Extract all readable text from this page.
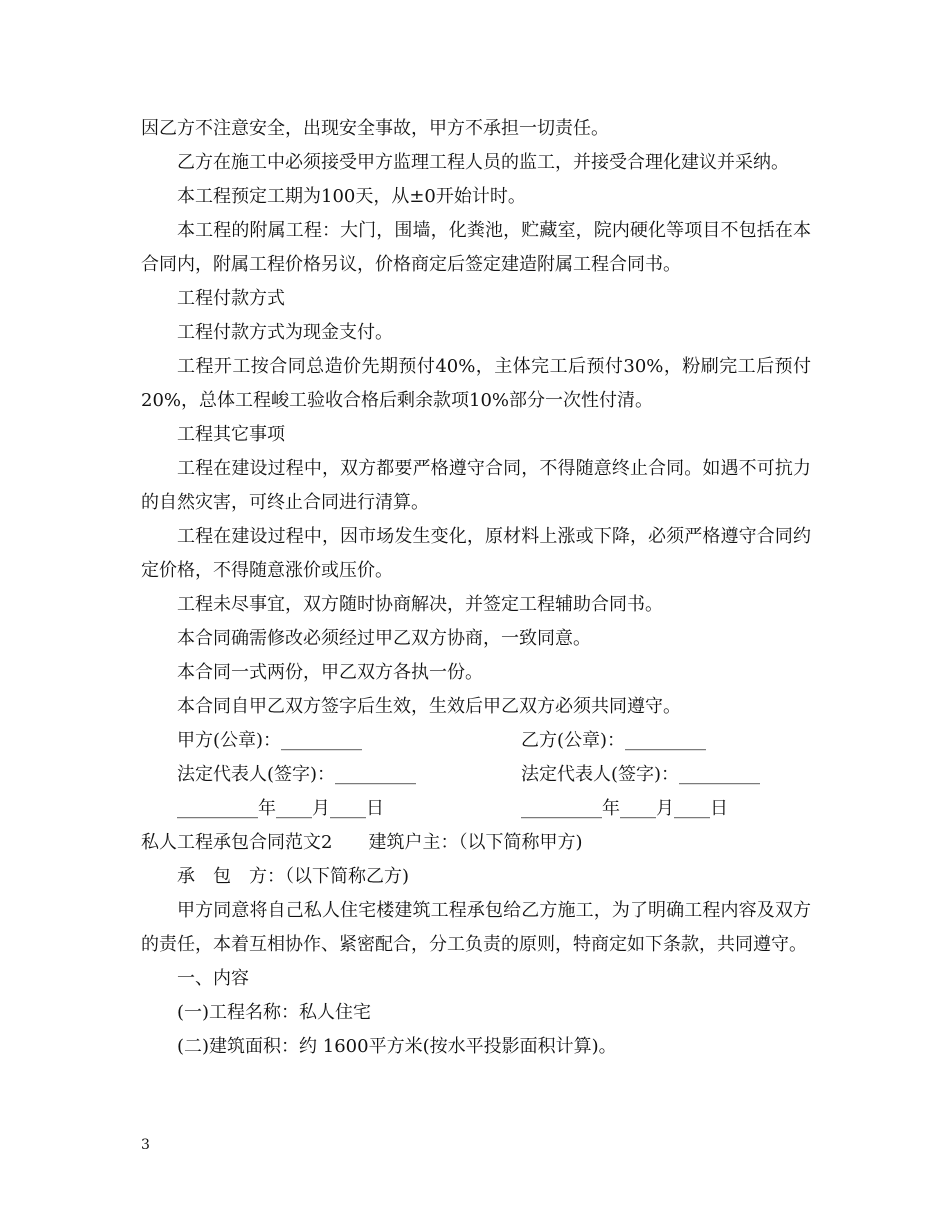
因乙方不注意安全，出现安全事故，甲方不承担一切责任。

乙方在施工中必须接受甲方监理工程人员的监工，并接受合理化建议并采纳。

本工程预定工期为100天，从±0开始计时。

本工程的附属工程：大门，围墙，化粪池，贮藏室，院内硬化等项目不包括在本合同内，附属工程价格另议，价格商定后签定建造附属工程合同书。

工程付款方式

工程付款方式为现金支付。

工程开工按合同总造价先期预付40%，主体完工后预付30%，粉刷完工后预付20%，总体工程峻工验收合格后剩余款项10%部分一次性付清。

工程其它事项

工程在建设过程中，双方都要严格遵守合同，不得随意终止合同。如遇不可抗力的自然灾害，可终止合同进行清算。

工程在建设过程中，因市场发生变化，原材料上涨或下降，必须严格遵守合同约定价格，不得随意涨价或压价。

工程未尽事宜，双方随时协商解决，并签定工程辅助合同书。

本合同确需修改必须经过甲乙双方协商，一致同意。

本合同一式两份，甲乙双方各执一份。

本合同自甲乙双方签字后生效，生效后甲乙双方必须共同遵守。

甲方(公章)：_________	乙方(公章)：_________
法定代表人(签字)：_________	法定代表人(签字)：_________
_________年____月____日	_________年____月____日

私人工程承包合同范文2　　建筑户主：（以下简称甲方)

承　包　方：（以下简称乙方)

甲方同意将自己私人住宅楼建筑工程承包给乙方施工，为了明确工程内容及双方的责任，本着互相协作、紧密配合，分工负责的原则，特商定如下条款，共同遵守。

一、内容

(一)工程名称：私人住宅

(二)建筑面积：约 1600平方米(按水平投影面积计算)。

3
